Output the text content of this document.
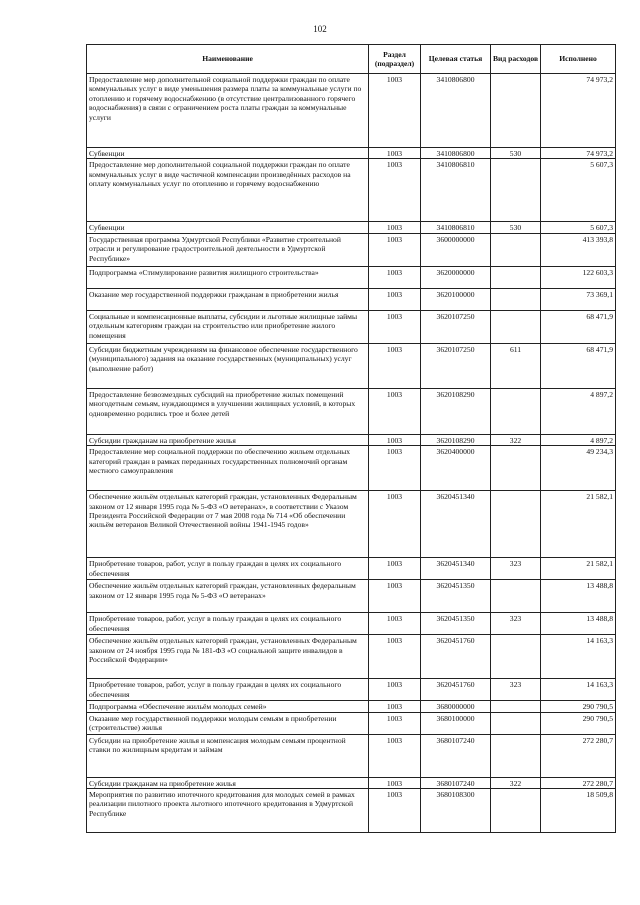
102
Наименование	Раздел (подраздел)	Целевая статья	Вид расходов	Исполнено
Предоставление мер дополнительной социальной поддержки граждан по оплате коммунальных услуг в виде уменьшения размера платы за коммунальные услуги по отоплению и горячему водоснабжению (в отсутствие централизованного горячего водоснабжения) в связи с ограничением роста платы граждан за коммунальные услуги	1003	3410806800		74 973,2
Субвенции	1003	3410806800	530	74 973,2
Предоставление мер дополнительной социальной поддержки граждан по оплате коммунальных услуг в виде частичной компенсации произведённых расходов на оплату коммунальных услуг по отоплению и горячему водоснабжению	1003	3410806810		5 607,3
Субвенции	1003	3410806810	530	5 607,3
Государственная программа Удмуртской Республики «Развитие строительной отрасли и регулирование градостроительной деятельности в Удмуртской Республике»	1003	3600000000		413 393,8
Подпрограмма «Стимулирование развития жилищного строительства»	1003	3620000000		122 603,3
Оказание мер государственной поддержки гражданам в приобретении жилья	1003	3620100000		73 369,1
Социальные и компенсационные выплаты, субсидии и льготные жилищные займы отдельным категориям граждан на строительство или приобретение жилого помещения	1003	3620107250		68 471,9
Субсидии бюджетным учреждениям на финансовое обеспечение государственного (муниципального) задания на оказание государственных (муниципальных) услуг (выполнение работ)	1003	3620107250	611	68 471,9
Предоставление безвозмездных субсидий на приобретение жилых помещений многодетным семьям, нуждающимся в улучшении жилищных условий, в которых одновременно родились трое и более детей	1003	3620108290		4 897,2
Субсидии гражданам на приобретение жилья	1003	3620108290	322	4 897,2
Предоставление мер социальной поддержки по обеспечению жильем отдельных категорий граждан в рамках переданных государственных полномочий органам местного самоуправления	1003	3620400000		49 234,3
Обеспечение жильём отдельных категорий граждан, установленных Федеральным законом от 12 января 1995 года № 5-ФЗ «О ветеранах», в соответствии с Указом Президента Российской Федерации от 7 мая 2008 года № 714 «Об обеспечении жильём ветеранов Великой Отечественной войны 1941-1945 годов»	1003	3620451340		21 582,1
Приобретение товаров, работ, услуг в пользу граждан в целях их социального обеспечения	1003	3620451340	323	21 582,1
Обеспечение жильём отдельных категорий граждан, установленных федеральным законом от 12 января 1995 года № 5-ФЗ «О ветеранах»	1003	3620451350		13 488,8
Приобретение товаров, работ, услуг в пользу граждан в целях их социального обеспечения	1003	3620451350	323	13 488,8
Обеспечение жильём отдельных категорий граждан, установленных Федеральным законом от 24 ноября 1995 года № 181-ФЗ «О социальной защите инвалидов в Российской Федерации»	1003	3620451760		14 163,3
Приобретение товаров, работ, услуг в пользу граждан в целях их социального обеспечения	1003	3620451760	323	14 163,3
Подпрограмма «Обеспечение жильём молодых семей»	1003	3680000000		290 790,5
Оказание мер государственной поддержки молодым семьям в приобретении (строительстве) жилья	1003	3680100000		290 790,5
Субсидии на приобретение жилья и компенсация молодым семьям процентной ставки по жилищным кредитам и займам	1003	3680107240		272 280,7
Субсидии гражданам на приобретение жилья	1003	3680107240	322	272 280,7
Мероприятия по развитию ипотечного кредитования для молодых семей в рамках реализации пилотного проекта льготного ипотечного кредитования в Удмуртской Республике	1003	3680108300		18 509,8
